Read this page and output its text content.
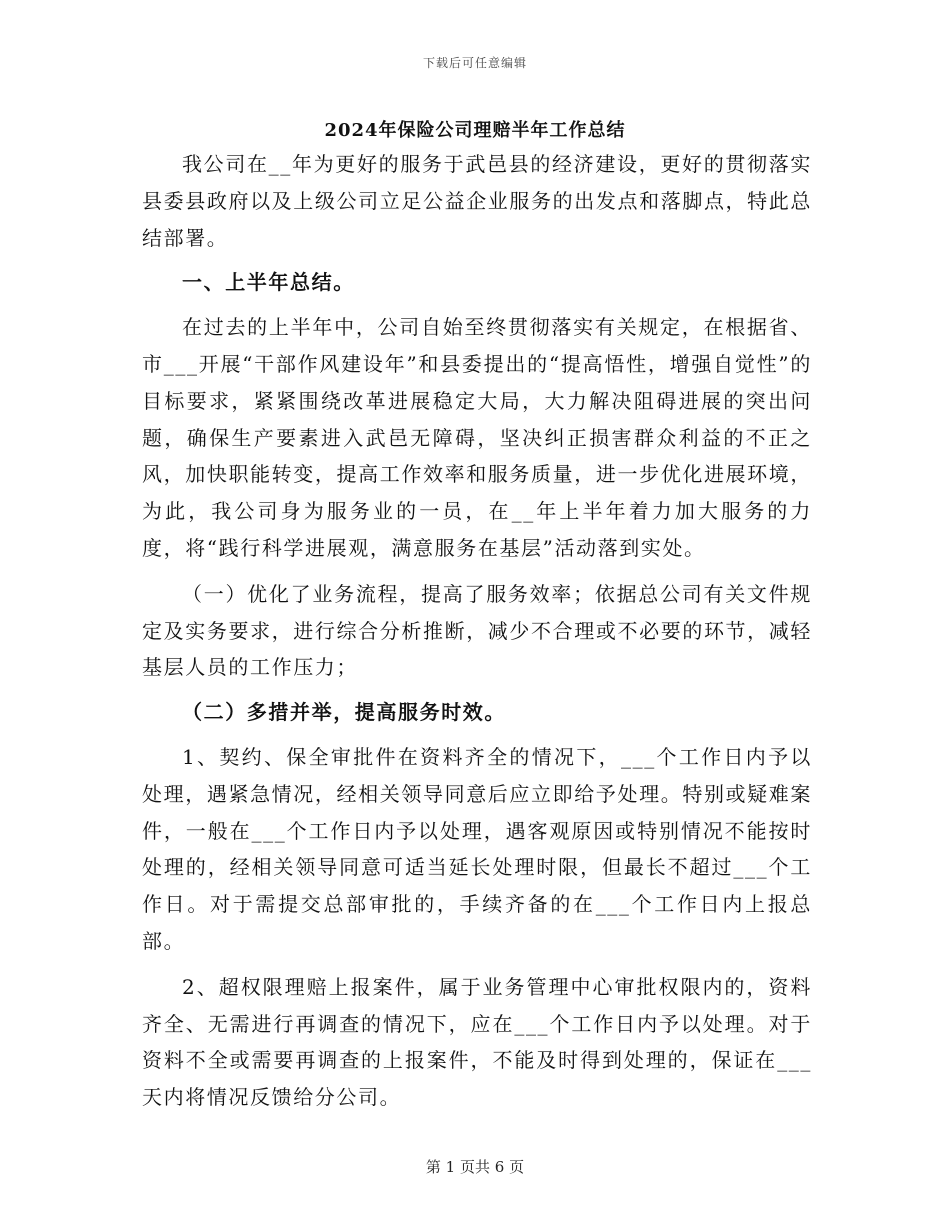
下载后可任意编辑
2024年保险公司理赔半年工作总结

我公司在__年为更好的服务于武邑县的经济建设，更好的贯彻落实县委县政府以及上级公司立足公益企业服务的出发点和落脚点，特此总结部署。

一、上半年总结。

在过去的上半年中，公司自始至终贯彻落实有关规定，在根据省、市___开展“干部作风建设年”和县委提出的“提高悟性，增强自觉性”的目标要求，紧紧围绕改革进展稳定大局，大力解决阻碍进展的突出问题，确保生产要素进入武邑无障碍，坚决纠正损害群众利益的不正之风，加快职能转变，提高工作效率和服务质量，进一步优化进展环境，为此，我公司身为服务业的一员，在__年上半年着力加大服务的力度，将“践行科学进展观，满意服务在基层”活动落到实处。

（一）优化了业务流程，提高了服务效率；依据总公司有关文件规定及实务要求，进行综合分析推断，减少不合理或不必要的环节，减轻基层人员的工作压力；

（二）多措并举，提高服务时效。

1、契约、保全审批件在资料齐全的情况下，___个工作日内予以处理，遇紧急情况，经相关领导同意后应立即给予处理。特别或疑难案件，一般在___个工作日内予以处理，遇客观原因或特别情况不能按时处理的，经相关领导同意可适当延长处理时限，但最长不超过___个工作日。对于需提交总部审批的，手续齐备的在___个工作日内上报总部。

2、超权限理赔上报案件，属于业务管理中心审批权限内的，资料齐全、无需进行再调查的情况下，应在___个工作日内予以处理。对于资料不全或需要再调查的上报案件，不能及时得到处理的，保证在___天内将情况反馈给分公司。

第 1 页共 6 页
